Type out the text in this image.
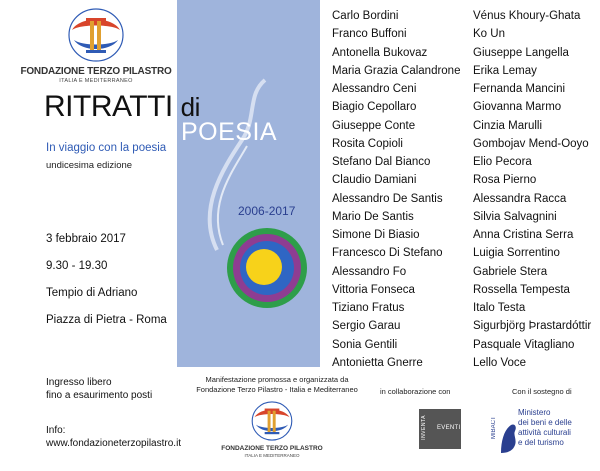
FONDAZIONE TERZO PILASTRO
ITALIA E MEDITERRANEO
RITRATTI di
POESIA
In viaggio con la poesia
undicesima edizione
2006-2017
3 febbraio 2017
9.30 - 19.30
Tempio di Adriano
Piazza di Pietra - Roma
Carlo Bordini
Franco Buffoni
Antonella Bukovaz
Maria Grazia Calandrone
Alessandro Ceni
Biagio Cepollaro
Giuseppe Conte
Rosita Copioli
Stefano Dal Bianco
Claudio Damiani
Alessandro De Santis
Mario De Santis
Simone Di Biasio
Francesco Di Stefano
Alessandro Fo
Vittoria Fonseca
Tiziano Fratus
Sergio Garau
Sonia Gentili
Antonietta Gnerre
Vénus Khoury-Ghata
Ko Un
Giuseppe Langella
Erika Lemay
Fernanda Mancini
Giovanna Marmo
Cinzia Marulli
Gombojav Mend-Ooyo
Elio Pecora
Rosa Pierno
Alessandra Racca
Silvia Salvagnini
Anna Cristina Serra
Luigia Sorrentino
Gabriele Stera
Rossella Tempesta
Italo Testa
Sigurbjörg Þrastardóttir
Pasquale Vitagliano
Lello Voce
Ingresso libero
fino a esaurimento posti
Info:
www.fondazioneterzopilastro.it
Manifestazione promossa e organizzata da
Fondazione Terzo Pilastro - Italia e Mediterraneo
FONDAZIONE TERZO PILASTRO
ITALIA E MEDITERRANEO
in collaborazione con
INVENTA EVENTI
Con il sostegno di
MIBACT
Ministero
dei beni e delle
attività culturali
e del turismo
